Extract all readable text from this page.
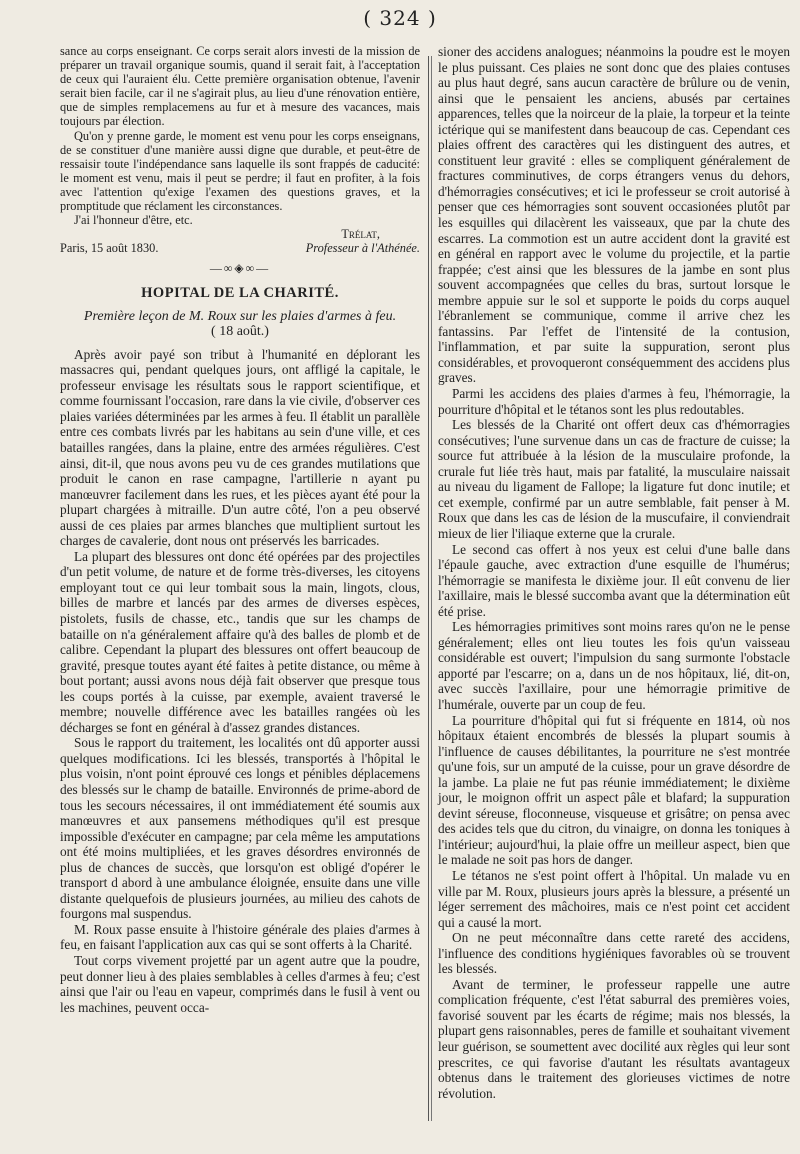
( 324 )

sance au corps enseignant. Ce corps serait alors investi de la mission de préparer un travail organique soumis, quand il serait fait, à l'acceptation de ceux qui l'auraient élu. Cette première organisation obtenue, l'avenir serait bien facile, car il ne s'agirait plus, au lieu d'une rénovation entière, que de simples remplacemens au fur et à mesure des vacances, mais toujours par élection.

Qu'on y prenne garde, le moment est venu pour les corps enseignans, de se constituer d'une manière aussi digne que durable, et peut-être de ressaisir toute l'indépendance sans laquelle ils sont frappés de caducité: le moment est venu, mais il peut se perdre; il faut en profiter, à la fois avec l'attention qu'exige l'examen des questions graves, et la promptitude que réclament les circonstances.

J'ai l'honneur d'être, etc.

Trélat,
Paris, 15 août 1830.	Professeur à l'Athénée.
—∞◈∞—
HOPITAL DE LA CHARITÉ.
Première leçon de M. Roux sur les plaies d'armes à feu.
( 18 août.)

Après avoir payé son tribut à l'humanité en déplorant les massacres qui, pendant quelques jours, ont affligé la capitale, le professeur envisage les résultats sous le rapport scientifique, et comme fournissant l'occasion, rare dans la vie civile, d'observer ces plaies variées déterminées par les armes à feu. Il établit un parallèle entre ces combats livrés par les habitans au sein d'une ville, et ces batailles rangées, dans la plaine, entre des armées régulières. C'est ainsi, dit-il, que nous avons peu vu de ces grandes mutilations que produit le canon en rase campagne, l'artillerie n ayant pu manœuvrer facilement dans les rues, et les pièces ayant été pour la plupart chargées à mitraille. D'un autre côté, l'on a peu observé aussi de ces plaies par armes blanches que multiplient surtout les charges de cavalerie, dont nous ont préservés les barricades.

La plupart des blessures ont donc été opérées par des projectiles d'un petit volume, de nature et de forme très-diverses, les citoyens employant tout ce qui leur tombait sous la main, lingots, clous, billes de marbre et lancés par des armes de diverses espèces, pistolets, fusils de chasse, etc., tandis que sur les champs de bataille on n'a généralement affaire qu'à des balles de plomb et de calibre. Cependant la plupart des blessures ont offert beaucoup de gravité, presque toutes ayant été faites à petite distance, ou même à bout portant; aussi avons nous déjà fait observer que presque tous les coups portés à la cuisse, par exemple, avaient traversé le membre; nouvelle différence avec les batailles rangées où les décharges se font en général à d'assez grandes distances.

Sous le rapport du traitement, les localités ont dû apporter aussi quelques modifications. Ici les blessés, transportés à l'hôpital le plus voisin, n'ont point éprouvé ces longs et pénibles déplacemens des blessés sur le champ de bataille. Environnés de prime-abord de tous les secours nécessaires, il ont immédiatement été soumis aux manœuvres et aux pansemens méthodiques qu'il est presque impossible d'exécuter en campagne; par cela même les amputations ont été moins multipliées, et les graves désordres environnés de plus de chances de succès, que lorsqu'on est obligé d'opérer le transport d abord à une ambulance éloignée, ensuite dans une ville distante quelquefois de plusieurs journées, au milieu des cahots de fourgons mal suspendus.

M. Roux passe ensuite à l'histoire générale des plaies d'armes à feu, en faisant l'application aux cas qui se sont offerts à la Charité.

Tout corps vivement projetté par un agent autre que la poudre, peut donner lieu à des plaies semblables à celles d'armes à feu; c'est ainsi que l'air ou l'eau en vapeur, comprimés dans le fusil à vent ou les machines, peuvent occa-

sioner des accidens analogues; néanmoins la poudre est le moyen le plus puissant. Ces plaies ne sont donc que des plaies contuses au plus haut degré, sans aucun caractère de brûlure ou de venin, ainsi que le pensaient les anciens, abusés par certaines apparences, telles que la noirceur de la plaie, la torpeur et la teinte ictérique qui se manifestent dans beaucoup de cas. Cependant ces plaies offrent des caractères qui les distinguent des autres, et constituent leur gravité : elles se compliquent généralement de fractures comminutives, de corps étrangers venus du dehors, d'hémorragies consécutives; et ici le professeur se croit autorisé à penser que ces hémorragies sont souvent occasionées plutôt par les esquilles qui dilacèrent les vaisseaux, que par la chute des escarres. La commotion est un autre accident dont la gravité est en général en rapport avec le volume du projectile, et la partie frappée; c'est ainsi que les blessures de la jambe en sont plus souvent accompagnées que celles du bras, surtout lorsque le membre appuie sur le sol et supporte le poids du corps auquel l'ébranlement se communique, comme il arrive chez les fantassins. Par l'effet de l'intensité de la contusion, l'inflammation, et par suite la suppuration, seront plus considérables, et provoqueront conséquemment des accidens plus graves.

Parmi les accidens des plaies d'armes à feu, l'hémorragie, la pourriture d'hôpital et le tétanos sont les plus redoutables.

Les blessés de la Charité ont offert deux cas d'hémorragies consécutives; l'une survenue dans un cas de fracture de cuisse; la source fut attribuée à la lésion de la musculaire profonde, la crurale fut liée très haut, mais par fatalité, la musculaire naissait au niveau du ligament de Fallope; la ligature fut donc inutile; et cet exemple, confirmé par un autre semblable, fait penser à M. Roux que dans les cas de lésion de la muscufaire, il conviendrait mieux de lier l'iliaque externe que la crurale.

Le second cas offert à nos yeux est celui d'une balle dans l'épaule gauche, avec extraction d'une esquille de l'humérus; l'hémorragie se manifesta le dixième jour. Il eût convenu de lier l'axillaire, mais le blessé succomba avant que la détermination eût été prise.

Les hémorragies primitives sont moins rares qu'on ne le pense généralement; elles ont lieu toutes les fois qu'un vaisseau considérable est ouvert; l'impulsion du sang surmonte l'obstacle apporté par l'escarre; on a, dans un de nos hôpitaux, lié, dit-on, avec succès l'axillaire, pour une hémorragie primitive de l'humérale, ouverte par un coup de feu.

La pourriture d'hôpital qui fut si fréquente en 1814, où nos hôpitaux étaient encombrés de blessés la plupart soumis à l'influence de causes débilitantes, la pourriture ne s'est montrée qu'une fois, sur un amputé de la cuisse, pour un grave désordre de la jambe. La plaie ne fut pas réunie immédiatement; le dixième jour, le moignon offrit un aspect pâle et blafard; la suppuration devint séreuse, floconneuse, visqueuse et grisâtre; on pensa avec des acides tels que du citron, du vinaigre, on donna les toniques à l'intérieur; aujourd'hui, la plaie offre un meilleur aspect, bien que le malade ne soit pas hors de danger.

Le tétanos ne s'est point offert à l'hôpital. Un malade vu en ville par M. Roux, plusieurs jours après la blessure, a présenté un léger serrement des mâchoires, mais ce n'est point cet accident qui a causé la mort.

On ne peut méconnaître dans cette rareté des accidens, l'influence des conditions hygiéniques favorables où se trouvent les blessés.

Avant de terminer, le professeur rappelle une autre complication fréquente, c'est l'état saburral des premières voies, favorisé souvent par les écarts de régime; mais nos blessés, la plupart gens raisonnables, peres de famille et souhaitant vivement leur guérison, se soumettent avec docilité aux règles qui leur sont prescrites, ce qui favorise d'autant les résultats avantageux obtenus dans le traitement des glorieuses victimes de notre révolution.
